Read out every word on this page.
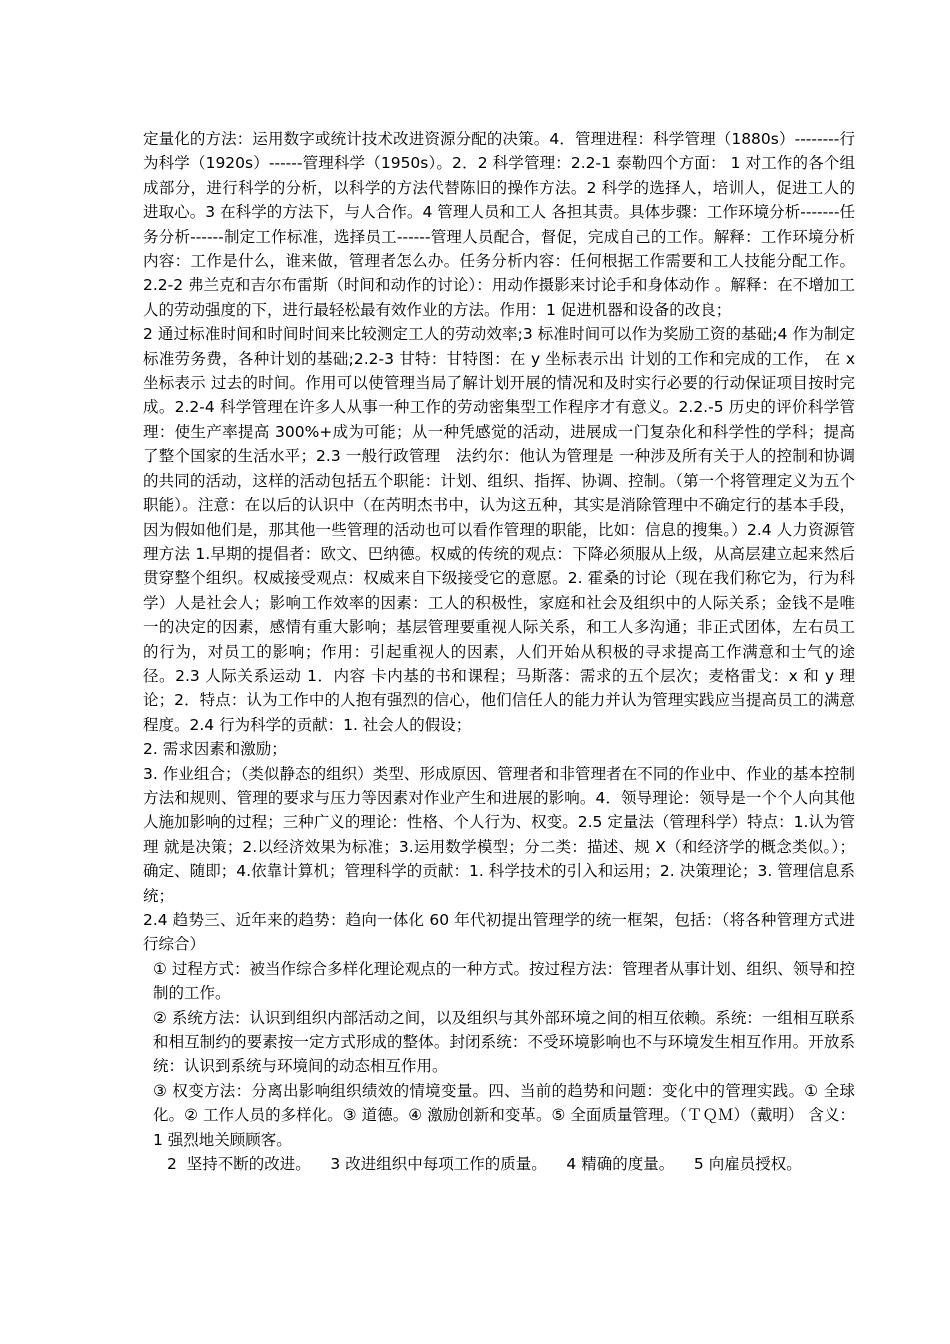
定量化的方法：运用数字或统计技术改进资源分配的决策。4．管理进程：科学管理（1880s）--------行为科学（1920s）------管理科学（1950s）。2．2 科学管理：2.2-1 泰勒四个方面： 1 对工作的各个组成部分，进行科学的分析，以科学的方法代替陈旧的操作方法。2 科学的选择人，培训人，促进工人的进取心。3 在科学的方法下，与人合作。4 管理人员和工人 各担其责。具体步骤：工作环境分析-------任务分析------制定工作标准，选择员工------管理人员配合，督促，完成自己的工作。解释：工作环境分析内容：工作是什么，谁来做，管理者怎么办。任务分析内容：任何根据工作需要和工人技能分配工作。2.2-2 弗兰克和吉尔布雷斯（时间和动作的讨论）：用动作摄影来讨论手和身体动作 。解释：在不增加工人的劳动强度的下，进行最轻松最有效作业的方法。作用：1 促进机器和设备的改良；

2 通过标准时间和时间时间来比较测定工人的劳动效率;3 标准时间可以作为奖励工资的基础;4 作为制定标准劳务费，各种计划的基础;2.2-3 甘特：甘特图：在 y 坐标表示出 计划的工作和完成的工作， 在 x 坐标表示 过去的时间。作用可以使管理当局了解计划开展的情况和及时实行必要的行动保证项目按时完成。2.2-4 科学管理在许多人从事一种工作的劳动密集型工作程序才有意义。2.2.-5 历史的评价科学管理：使生产率提高 300%+成为可能；从一种凭感觉的活动，进展成一门复杂化和科学性的学科；提高了整个国家的生活水平；2.3 一般行政管理　法约尔：他认为管理是 一种涉及所有关于人的控制和协调的共同的活动，这样的活动包括五个职能：计划、组织、指挥、协调、控制。（第一个将管理定义为五个职能）。注意：在以后的认识中（在芮明杰书中，认为这五种，其实是消除管理中不确定行的基本手段，因为假如他们是，那其他一些管理的活动也可以看作管理的职能，比如：信息的搜集。）2.4 人力资源管理方法 1.早期的提倡者：欧文、巴纳德。权威的传统的观点：下降必须服从上级，从高层建立起来然后贯穿整个组织。权威接受观点：权威来自下级接受它的意愿。2. 霍桑的讨论（现在我们称它为，行为科学）人是社会人；影响工作效率的因素：工人的积极性，家庭和社会及组织中的人际关系；金钱不是唯一的决定的因素，感情有重大影响；基层管理要重视人际关系，和工人多沟通；非正式团体，左右员工的行为，对员工的影响；作用：引起重视人的因素，人们开始从积极的寻求提高工作满意和士气的途径。2.3 人际关系运动 1．内容 卡内基的书和课程；马斯落：需求的五个层次；麦格雷戈：x 和 y 理论；2．特点：认为工作中的人抱有强烈的信心，他们信任人的能力并认为管理实践应当提高员工的满意程度。2.4 行为科学的贡献：1. 社会人的假设；

2. 需求因素和激励；

3. 作业组合；（类似静态的组织）类型、形成原因、管理者和非管理者在不同的作业中、作业的基本控制方法和规则、管理的要求与压力等因素对作业产生和进展的影响。4．领导理论：领导是一个个人向其他人施加影响的过程；三种广义的理论：性格、个人行为、权变。2.5 定量法（管理科学）特点：1.认为管理 就是决策；2.以经济效果为标准；3.运用数学模型；分二类：描述、规 X（和经济学的概念类似。）；确定、随即；4.依靠计算机；管理科学的贡献：1. 科学技术的引入和运用；2. 决策理论；3. 管理信息系统；

2.4 趋势三、近年来的趋势：趋向一体化 60 年代初提出管理学的统一框架，包括：（将各种管理方式进行综合）

① 过程方式：被当作综合多样化理论观点的一种方式。按过程方法：管理者从事计划、组织、领导和控制的工作。

② 系统方法：认识到组织内部活动之间，以及组织与其外部环境之间的相互依赖。系统：一组相互联系和相互制约的要素按一定方式形成的整体。封闭系统：不受环境影响也不与环境发生相互作用。开放系统：认识到系统与环境间的动态相互作用。

③ 权变方法：分离出影响组织绩效的情境变量。四、当前的趋势和问题：变化中的管理实践。① 全球化。② 工作人员的多样化。③ 道德。④ 激励创新和变革。⑤ 全面质量管理。（ＴＱＭ）（戴明） 含义：1 强烈地关顾顾客。

2  坚持不断的改进。    3 改进组织中每项工作的质量。    4 精确的度量。    5 向雇员授权。
